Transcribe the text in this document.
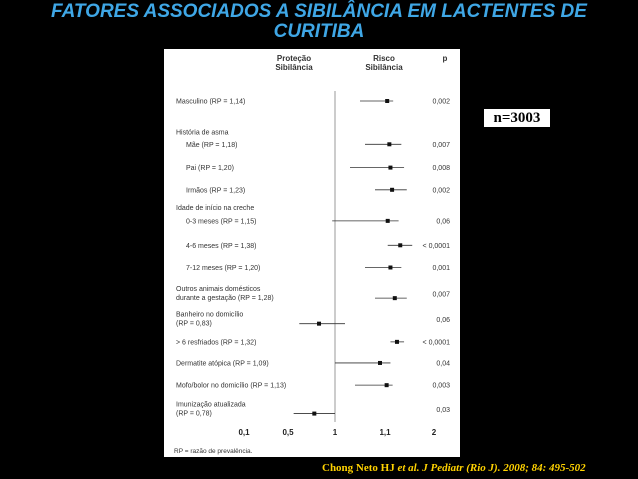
FATORES ASSOCIADOS A SIBILÂNCIA EM LACTENTES DE
CURITIBA
Proteção
Sibilância
Risco
Sibilância
p
Masculino (RP = 1,14)	0,002
Mãe (RP = 1,18)	0,007
Pai (RP = 1,20)	0,008
Irmãos (RP = 1,23)	0,002
0-3 meses (RP = 1,15)	0,06
4-6 meses (RP = 1,38)	< 0,0001
7-12 meses (RP = 1,20)	0,001
Outros animais domésticos
durante a gestação (RP = 1,28)	0,007
Banheiro no domicílio
(RP = 0,83)	0,06
> 6 resfriados (RP = 1,32)	< 0,0001
Dermatite atópica (RP = 1,09)	0,04
Mofo/bolor no domicílio (RP = 1,13)	0,003
Imunização atualizada
(RP = 0,78)	0,03
História de asma
Idade de início na creche
0,1	0,5	1	1,1	2
RP = razão de prevalência.
n=3003
Chong Neto HJ et al. J Pediatr (Rio J). 2008; 84: 495-502
